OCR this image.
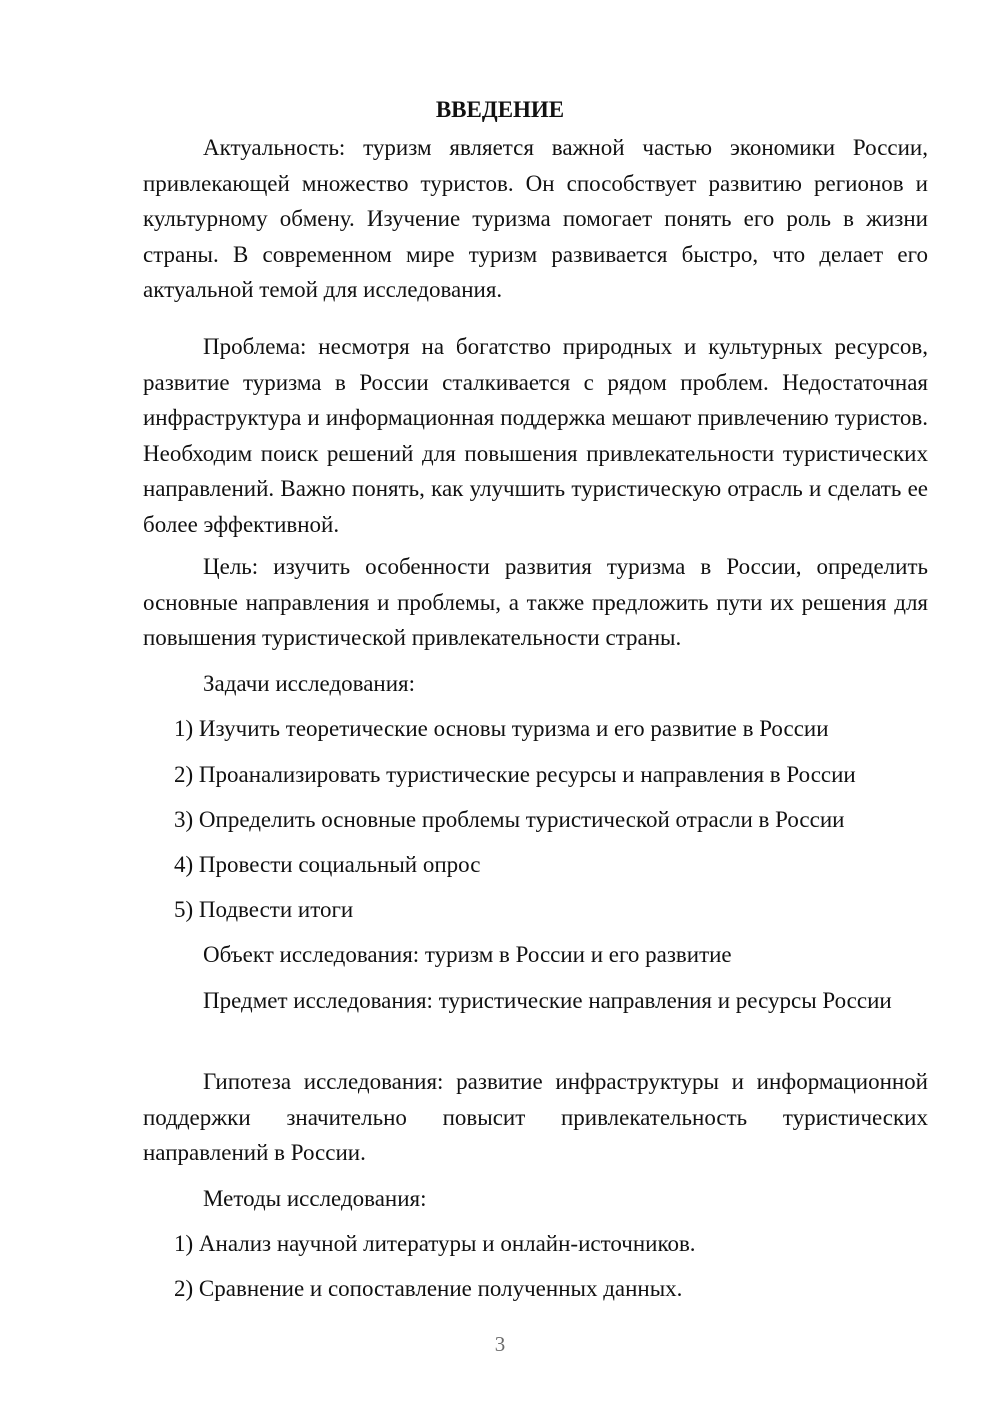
ВВЕДЕНИЕ

Актуальность: туризм является важной частью экономики России, привлекающей множество туристов. Он способствует развитию регионов и культурному обмену. Изучение туризма помогает понять его роль в жизни страны. В современном мире туризм развивается быстро, что делает его актуальной темой для исследования.

Проблема: несмотря на богатство природных и культурных ресурсов, развитие туризма в России сталкивается с рядом проблем. Недостаточная инфраструктура и информационная поддержка мешают привлечению туристов. Необходим поиск решений для повышения привлекательности туристических направлений. Важно понять, как улучшить туристическую отрасль и сделать ее более эффективной.

Цель: изучить особенности развития туризма в России, определить основные направления и проблемы, а также предложить пути их решения для повышения туристической привлекательности страны.

Задачи исследования:
1) Изучить теоретические основы туризма и его развитие в России
2) Проанализировать туристические ресурсы и направления в России
3) Определить основные проблемы туристической отрасли в России
4) Провести социальный опрос
5) Подвести итоги
Объект исследования: туризм в России и его развитие

Предмет исследования: туристические направления и ресурсы России

Гипотеза исследования: развитие инфраструктуры и информационной поддержки значительно повысит привлекательность туристических направлений в России.

Методы исследования:
1) Анализ научной литературы и онлайн-источников.
2) Сравнение и сопоставление полученных данных.
3
